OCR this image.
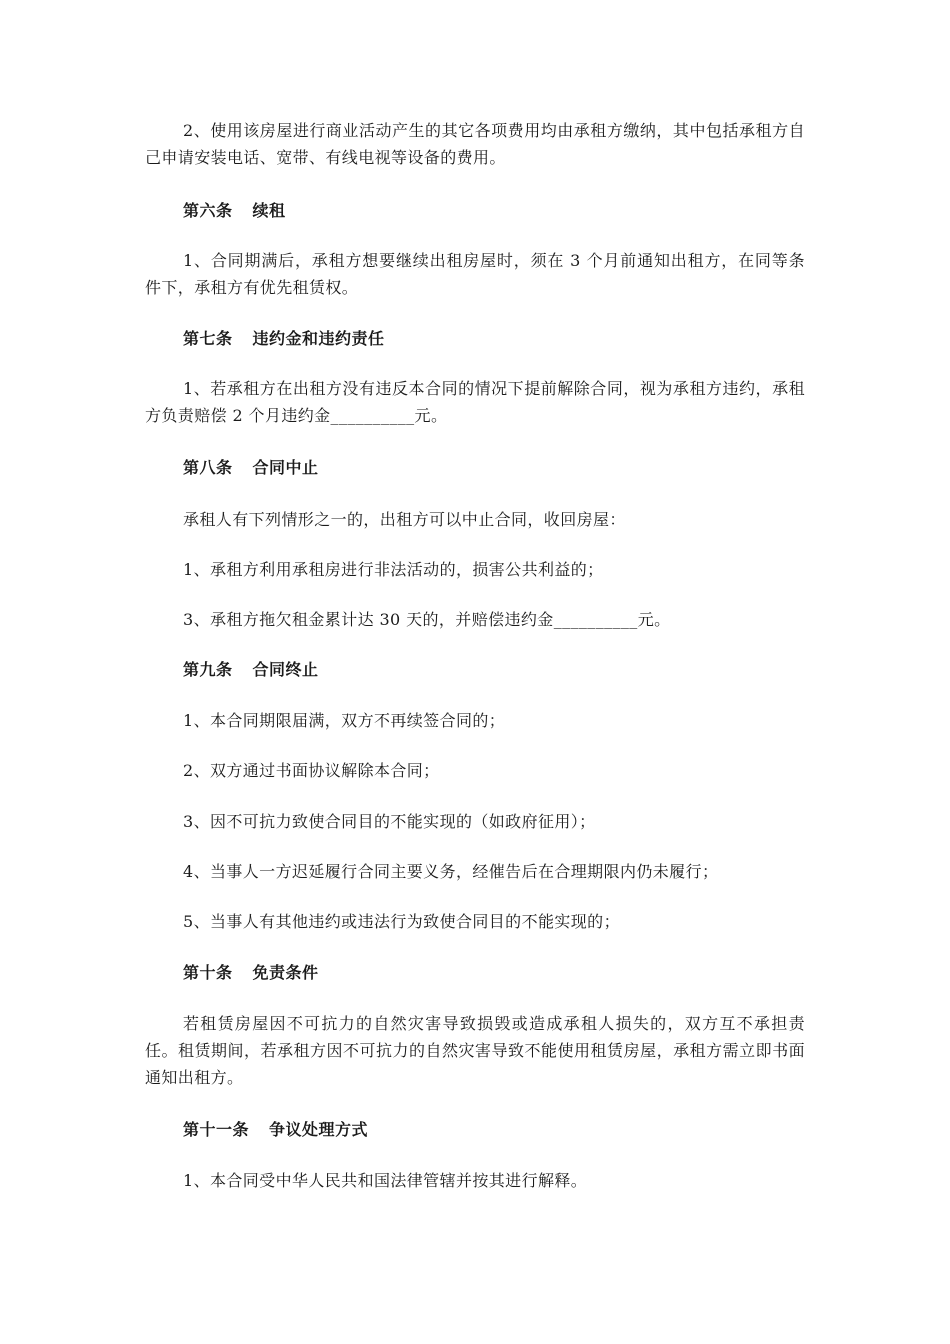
2、使用该房屋进行商业活动产生的其它各项费用均由承租方缴纳，其中包括承租方自己申请安装电话、宽带、有线电视等设备的费用。

第六条 续租

1、合同期满后，承租方想要继续出租房屋时，须在 3 个月前通知出租方，在同等条件下，承租方有优先租赁权。

第七条 违约金和违约责任

1、若承租方在出租方没有违反本合同的情况下提前解除合同，视为承租方违约，承租方负责赔偿 2 个月违约金__________元。

第八条 合同中止

承租人有下列情形之一的，出租方可以中止合同，收回房屋：

1、承租方利用承租房进行非法活动的，损害公共利益的；

3、承租方拖欠租金累计达 30 天的，并赔偿违约金__________元。

第九条 合同终止

1、本合同期限届满，双方不再续签合同的；

2、双方通过书面协议解除本合同；

3、因不可抗力致使合同目的不能实现的（如政府征用）；

4、当事人一方迟延履行合同主要义务，经催告后在合理期限内仍未履行；

5、当事人有其他违约或违法行为致使合同目的不能实现的；

第十条 免责条件

若租赁房屋因不可抗力的自然灾害导致损毁或造成承租人损失的，双方互不承担责任。租赁期间，若承租方因不可抗力的自然灾害导致不能使用租赁房屋，承租方需立即书面通知出租方。

第十一条 争议处理方式

1、本合同受中华人民共和国法律管辖并按其进行解释。
